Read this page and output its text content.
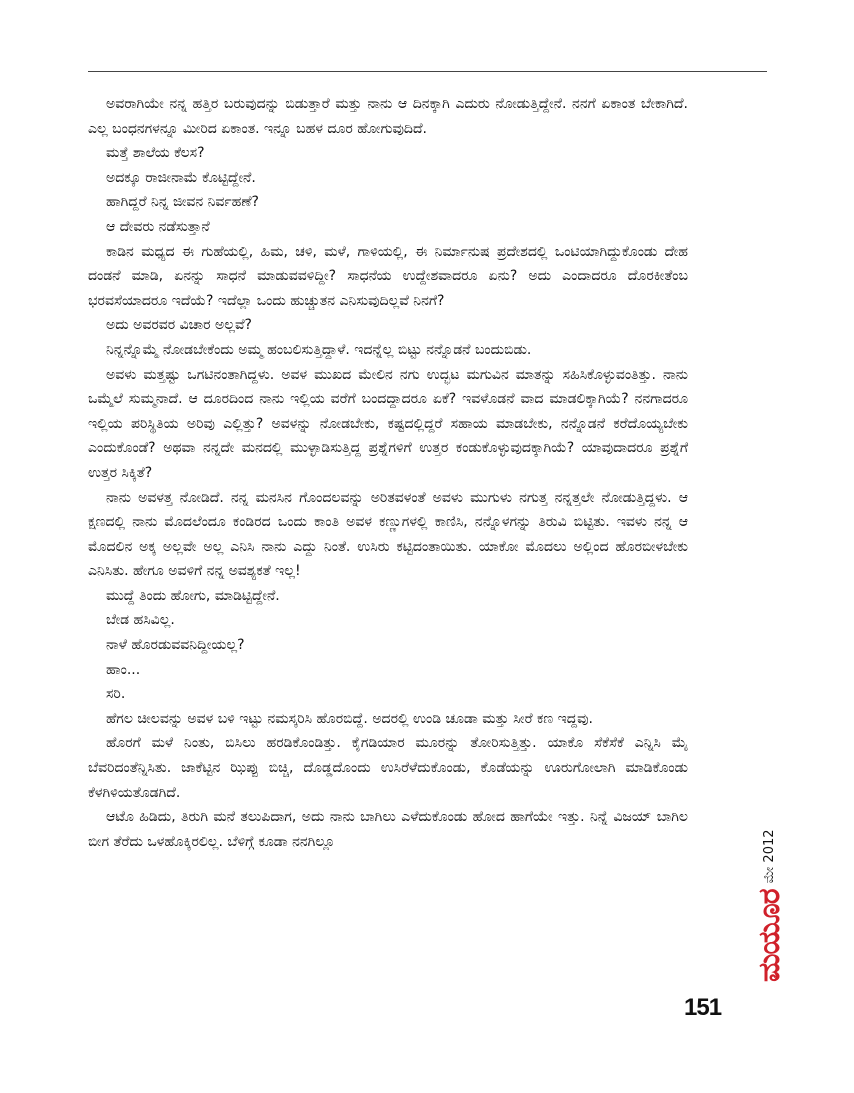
ಅವರಾಗಿಯೇ ನನ್ನ ಹತ್ತಿರ ಬರುವುದನ್ನು ಬಿಡುತ್ತಾರೆ ಮತ್ತು ನಾನು ಆ ದಿನಕ್ಕಾಗಿ ಎದುರು ನೋಡುತ್ತಿದ್ದೇನೆ. ನನಗೆ ಏಕಾಂತ ಬೇಕಾಗಿದೆ. ಎಲ್ಲ ಬಂಧನಗಳನ್ನೂ ಮೀರಿದ ಏಕಾಂತ. ಇನ್ನೂ ಬಹಳ ದೂರ ಹೋಗುವುದಿದೆ.

ಮತ್ತೆ ಶಾಲೆಯ ಕೆಲಸ?

ಅದಕ್ಕೂ ರಾಜೀನಾಮೆ ಕೊಟ್ಟಿದ್ದೇನೆ.

ಹಾಗಿದ್ದರೆ ನಿನ್ನ ಜೀವನ ನಿರ್ವಹಣೆ?

ಆ ದೇವರು ನಡೆಸುತ್ತಾನೆ

ಕಾಡಿನ ಮಧ್ಯದ ಈ ಗುಹೆಯಲ್ಲಿ, ಹಿಮ, ಚಳಿ, ಮಳೆ, ಗಾಳಿಯಲ್ಲಿ, ಈ ನಿರ್ಮಾನುಷ ಪ್ರದೇಶದಲ್ಲಿ ಒಂಟಿಯಾಗಿದ್ದುಕೊಂಡು ದೇಹ ದಂಡನೆ ಮಾಡಿ, ಏನನ್ನು ಸಾಧನೆ ಮಾಡುವವಳಿದ್ದೀ? ಸಾಧನೆಯ ಉದ್ದೇಶವಾದರೂ ಏನು? ಅದು ಎಂದಾದರೂ ದೊರಕೀತೆಂಬ ಭರವಸೆಯಾದರೂ ಇದೆಯೆ? ಇದೆಲ್ಲಾ ಒಂದು ಹುಚ್ಚುತನ ಎನಿಸುವುದಿಲ್ಲವೆ ನಿನಗೆ?

ಅದು ಅವರವರ ವಿಚಾರ ಅಲ್ಲವೆ?

ನಿನ್ನನ್ನೊಮ್ಮೆ ನೋಡಬೇಕೆಂದು ಅಮ್ಮ ಹಂಬಲಿಸುತ್ತಿದ್ದಾಳೆ. ಇದನ್ನೆಲ್ಲ ಬಿಟ್ಟು ನನ್ನೊಡನೆ ಬಂದುಬಿಡು.

ಅವಳು ಮತ್ತಷ್ಟು ಒಗಟಿನಂತಾಗಿದ್ದಳು. ಅವಳ ಮುಖದ ಮೇಲಿನ ನಗು ಉದ್ಭಟ ಮಗುವಿನ ಮಾತನ್ನು ಸಹಿಸಿಕೊಳ್ಳುವಂತಿತ್ತು. ನಾನು ಒಮ್ಮೆಲೆ ಸುಮ್ಮನಾದೆ. ಆ ದೂರದಿಂದ ನಾನು ಇಲ್ಲಿಯ ವರೆಗೆ ಬಂದದ್ದಾದರೂ ಏಕೆ? ಇವಳೊಡನೆ ವಾದ ಮಾಡಲಿಕ್ಕಾಗಿಯೆ? ನನಗಾದರೂ ಇಲ್ಲಿಯ ಪರಿಸ್ಥಿತಿಯ ಅರಿವು ಎಲ್ಲಿತ್ತು? ಅವಳನ್ನು ನೋಡಬೇಕು, ಕಷ್ಟದಲ್ಲಿದ್ದರೆ ಸಹಾಯ ಮಾಡಬೇಕು, ನನ್ನೊಡನೆ ಕರೆದೊಯ್ಯಬೇಕು ಎಂದುಕೊಂಡೆ? ಅಥವಾ ನನ್ನದೇ ಮನದಲ್ಲಿ ಮುಳ್ಳಾಡಿಸುತ್ತಿದ್ದ ಪ್ರಶ್ನೆಗಳಿಗೆ ಉತ್ತರ ಕಂಡುಕೊಳ್ಳುವುದಕ್ಕಾಗಿಯೆ? ಯಾವುದಾದರೂ ಪ್ರಶ್ನೆಗೆ ಉತ್ತರ ಸಿಕ್ಕಿತೆ?

ನಾನು ಅವಳತ್ತ ನೋಡಿದೆ. ನನ್ನ ಮನಸಿನ ಗೊಂದಲವನ್ನು ಅರಿತವಳಂತೆ ಅವಳು ಮುಗುಳು ನಗುತ್ತ ನನ್ನತ್ತಲೇ ನೋಡುತ್ತಿದ್ದಳು. ಆ ಕ್ಷಣದಲ್ಲಿ ನಾನು ಮೊದಲೆಂದೂ ಕಂಡಿರದ ಒಂದು ಕಾಂತಿ ಅವಳ ಕಣ್ಣುಗಳಲ್ಲಿ ಕಾಣಿಸಿ, ನನ್ನೊಳಗನ್ನು ತಿರುವಿ ಬಿಟ್ಟಿತು. ಇವಳು ನನ್ನ ಆ ಮೊದಲಿನ ಅಕ್ಕ ಅಲ್ಲವೇ ಅಲ್ಲ ಎನಿಸಿ ನಾನು ಎದ್ದು ನಿಂತೆ. ಉಸಿರು ಕಟ್ಟಿದಂತಾಯಿತು. ಯಾಕೋ ಮೊದಲು ಅಲ್ಲಿಂದ ಹೊರಬೀಳಬೇಕು ಎನಿಸಿತು. ಹೇಗೂ ಅವಳಿಗೆ ನನ್ನ ಅವಶ್ಯಕತೆ ಇಲ್ಲ!

ಮುದ್ದೆ ತಿಂದು ಹೋಗು, ಮಾಡಿಟ್ಟಿದ್ದೇನೆ.

ಬೇಡ ಹಸಿವಿಲ್ಲ.

ನಾಳೆ ಹೊರಡುವವನಿದ್ದೀಯಲ್ಲ?

ಹಾಂ...

ಸರಿ.

ಹೆಗಲ ಚೀಲವನ್ನು ಅವಳ ಬಳಿ ಇಟ್ಟು ನಮಸ್ಕರಿಸಿ ಹೊರಬಿದ್ದೆ. ಅದರಲ್ಲಿ ಉಂಡಿ ಚೂಡಾ ಮತ್ತು ಸೀರೆ ಕಣ ಇದ್ದವು.

ಹೊರಗೆ ಮಳೆ ನಿಂತು, ಬಿಸಿಲು ಹರಡಿಕೊಂಡಿತ್ತು. ಕೈಗಡಿಯಾರ ಮೂರನ್ನು ತೋರಿಸುತ್ತಿತ್ತು. ಯಾಕೊ ಸೆಕೆಸೆಕೆ ಎನ್ನಿಸಿ ಮೈ ಬೆವರಿದಂತೆನ್ನಿಸಿತು. ಜಾಕೆಟ್ಟಿನ ಝಿಪ್ಪು ಬಿಚ್ಚಿ, ದೊಡ್ಡದೊಂದು ಉಸಿರೆಳೆದುಕೊಂಡು, ಕೊಡೆಯನ್ನು ಊರುಗೋಲಾಗಿ ಮಾಡಿಕೊಂಡು ಕೆಳಗಿಳಿಯತೊಡಗಿದೆ.

ಆಟೊ ಹಿಡಿದು, ತಿರುಗಿ ಮನೆ ತಲುಪಿದಾಗ, ಅದು ನಾನು ಬಾಗಿಲು ಎಳೆದುಕೊಂಡು ಹೋದ ಹಾಗೆಯೇ ಇತ್ತು. ನಿನ್ನೆ ವಿಜಯ್ ಬಾಗಿಲ ಬೀಗ ತೆರೆದು ಒಳಹೊಕ್ಕಿರಲಿಲ್ಲ. ಬೆಳಿಗ್ಗೆ ಕೂಡಾ ನನಗಿಲ್ಲೂ

ಮಯೂರ
ಮೇ 2012
151
